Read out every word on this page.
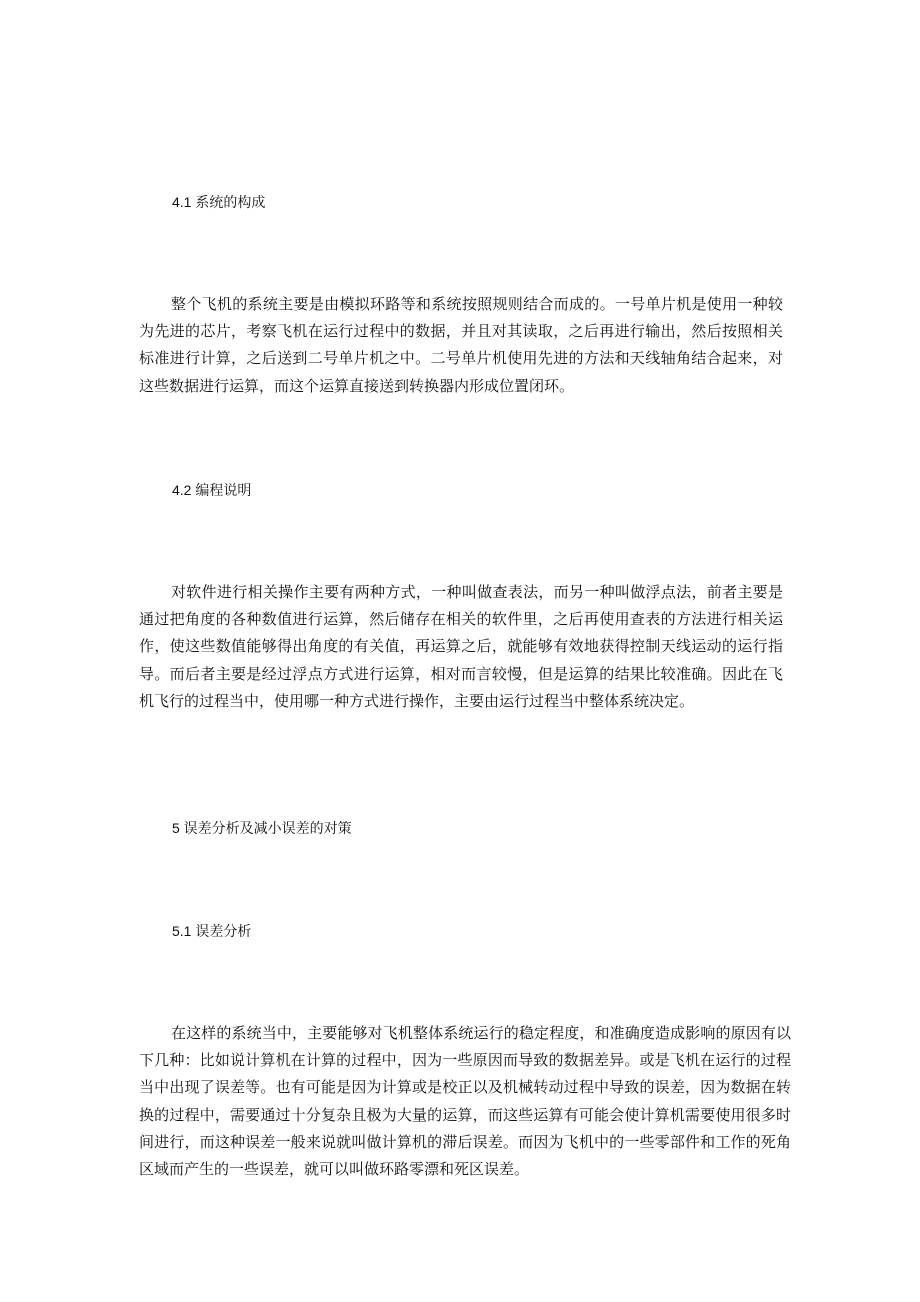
4.1 系统的构成

整个飞机的系统主要是由模拟环路等和系统按照规则结合而成的。一号单片机是使用一种较为先进的芯片，考察飞机在运行过程中的数据，并且对其读取，之后再进行输出，然后按照相关标准进行计算，之后送到二号单片机之中。二号单片机使用先进的方法和天线轴角结合起来，对这些数据进行运算，而这个运算直接送到转换器内形成位置闭环。

4.2 编程说明

对软件进行相关操作主要有两种方式，一种叫做查表法，而另一种叫做浮点法，前者主要是通过把角度的各种数值进行运算，然后储存在相关的软件里，之后再使用查表的方法进行相关运作，使这些数值能够得出角度的有关值，再运算之后，就能够有效地获得控制天线运动的运行指导。而后者主要是经过浮点方式进行运算，相对而言较慢，但是运算的结果比较准确。因此在飞机飞行的过程当中，使用哪一种方式进行操作，主要由运行过程当中整体系统决定。

5 误差分析及减小误差的对策
5.1 误差分析

在这样的系统当中，主要能够对飞机整体系统运行的稳定程度，和准确度造成影响的原因有以下几种：比如说计算机在计算的过程中，因为一些原因而导致的数据差异。或是飞机在运行的过程当中出现了误差等。也有可能是因为计算或是校正以及机械转动过程中导致的误差，因为数据在转换的过程中，需要通过十分复杂且极为大量的运算，而这些运算有可能会使计算机需要使用很多时间进行，而这种误差一般来说就叫做计算机的滞后误差。而因为飞机中的一些零部件和工作的死角区域而产生的一些误差，就可以叫做环路零漂和死区误差。
